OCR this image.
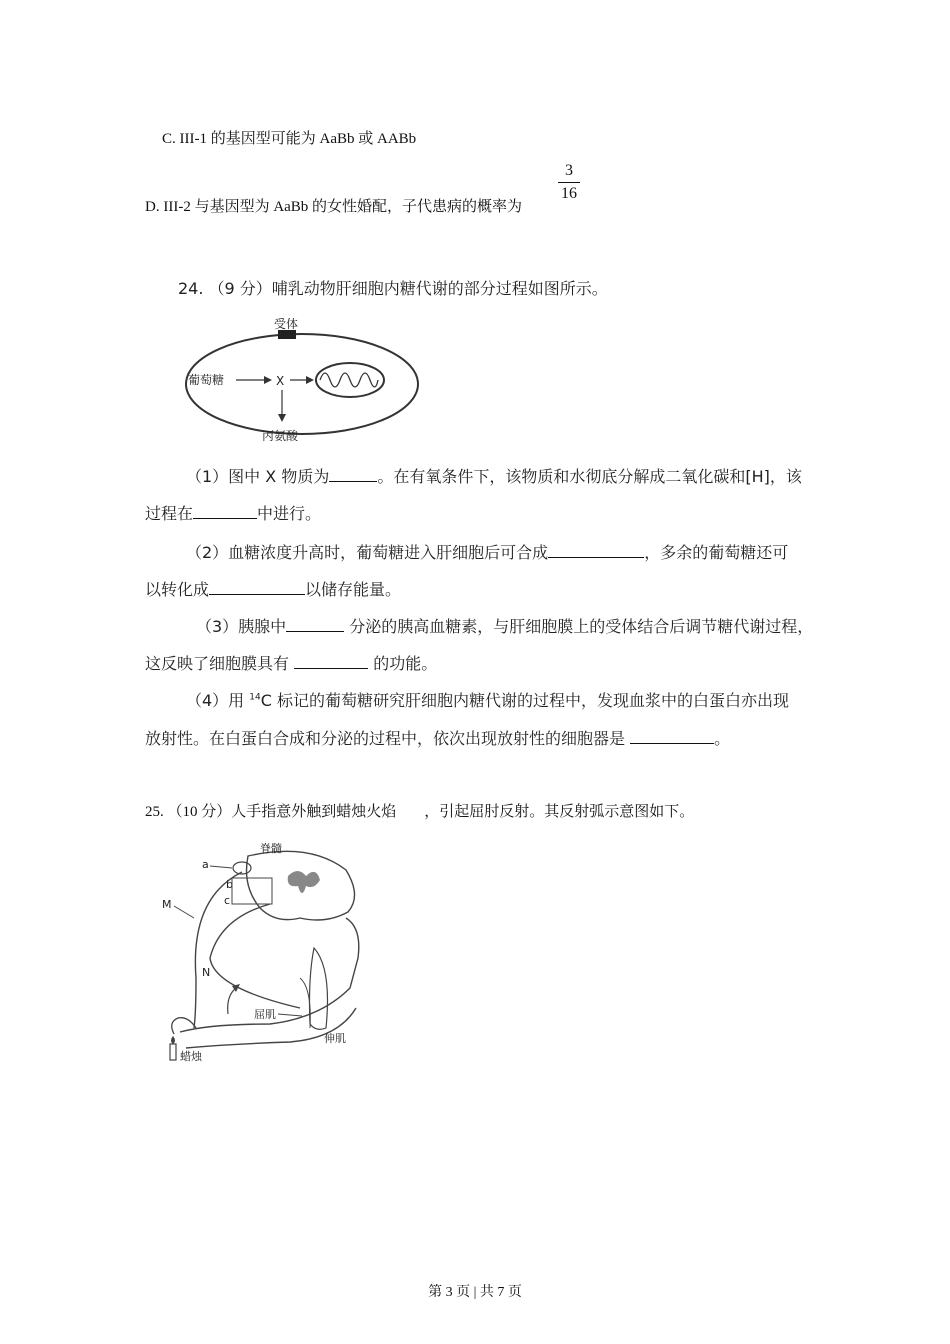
C. III-1 的基因型可能为 AaBb 或 AABb
D. III-2 与基因型为 AaBb 的女性婚配，子代患病的概率为
3
16
24. （9 分）哺乳动物肝细胞内糖代谢的部分过程如图所示。
受体
葡萄糖	X
丙氨酸
（1）图中 X 物质为	。在有氧条件下，该物质和水彻底分解成二氧化碳和[H]，该
过程在	中进行。
（2）血糖浓度升高时，葡萄糖进入肝细胞后可合成	，多余的葡萄糖还可
以转化成	以储存能量。
（3）胰腺中	分泌的胰高血糖素，与肝细胞膜上的受体结合后调节糖代谢过程，
这反映了细胞膜具有	的功能。
（4）用 $^{14}$C 标记的葡萄糖研究肝细胞内糖代谢的过程中，发现血浆中的白蛋白亦出现
放射性。在白蛋白合成和分泌的过程中，依次出现放射性的细胞器是	。
25. （10 分）人手指意外触到蜡烛火焰 ，引起屈肘反射。其反射弧示意图如下。
脊髓
a
b
c
M
N
屈肌
伸肌
蜡烛
第 3 页 | 共 7 页
